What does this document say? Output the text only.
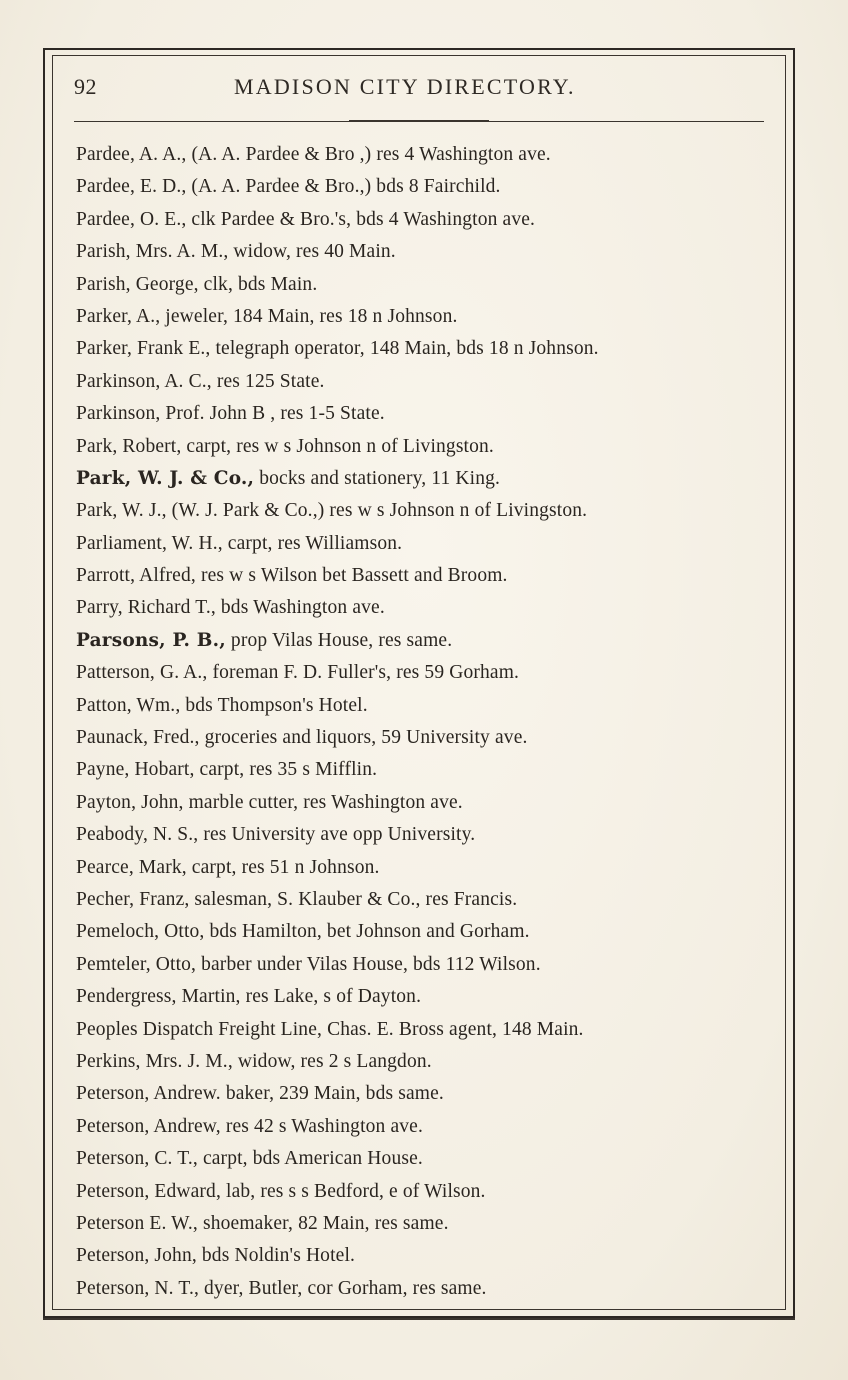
92	MADISON CITY DIRECTORY.
Pardee, A. A., (A. A. Pardee & Bro ,) res 4 Washington ave.
Pardee, E. D., (A. A. Pardee & Bro.,) bds 8 Fairchild.
Pardee, O. E., clk Pardee & Bro.'s, bds 4 Washington ave.
Parish, Mrs. A. M., widow, res 40 Main.
Parish, George, clk, bds Main.
Parker, A., jeweler, 184 Main, res 18 n Johnson.
Parker, Frank E., telegraph operator, 148 Main, bds 18 n Johnson.
Parkinson, A. C., res 125 State.
Parkinson, Prof. John B , res 1-5 State.
Park, Robert, carpt, res w s Johnson n of Livingston.
Park, W. J. & Co., bocks and stationery, 11 King.
Park, W. J., (W. J. Park & Co.,) res w s Johnson n of Livingston.
Parliament, W. H., carpt, res Williamson.
Parrott, Alfred, res w s Wilson bet Bassett and Broom.
Parry, Richard T., bds Washington ave.
Parsons, P. B., prop Vilas House, res same.
Patterson, G. A., foreman F. D. Fuller's, res 59 Gorham.
Patton, Wm., bds Thompson's Hotel.
Paunack, Fred., groceries and liquors, 59 University ave.
Payne, Hobart, carpt, res 35 s Mifflin.
Payton, John, marble cutter, res Washington ave.
Peabody, N. S., res University ave opp University.
Pearce, Mark, carpt, res 51 n Johnson.
Pecher, Franz, salesman, S. Klauber & Co., res Francis.
Pemeloch, Otto, bds Hamilton, bet Johnson and Gorham.
Pemteler, Otto, barber under Vilas House, bds 112 Wilson.
Pendergress, Martin, res Lake, s of Dayton.
Peoples Dispatch Freight Line, Chas. E. Bross agent, 148 Main.
Perkins, Mrs. J. M., widow, res 2 s Langdon.
Peterson, Andrew. baker, 239 Main, bds same.
Peterson, Andrew, res 42 s Washington ave.
Peterson, C. T., carpt, bds American House.
Peterson, Edward, lab, res s s Bedford, e of Wilson.
Peterson E. W., shoemaker, 82 Main, res same.
Peterson, John, bds Noldin's Hotel.
Peterson, N. T., dyer, Butler, cor Gorham, res same.
